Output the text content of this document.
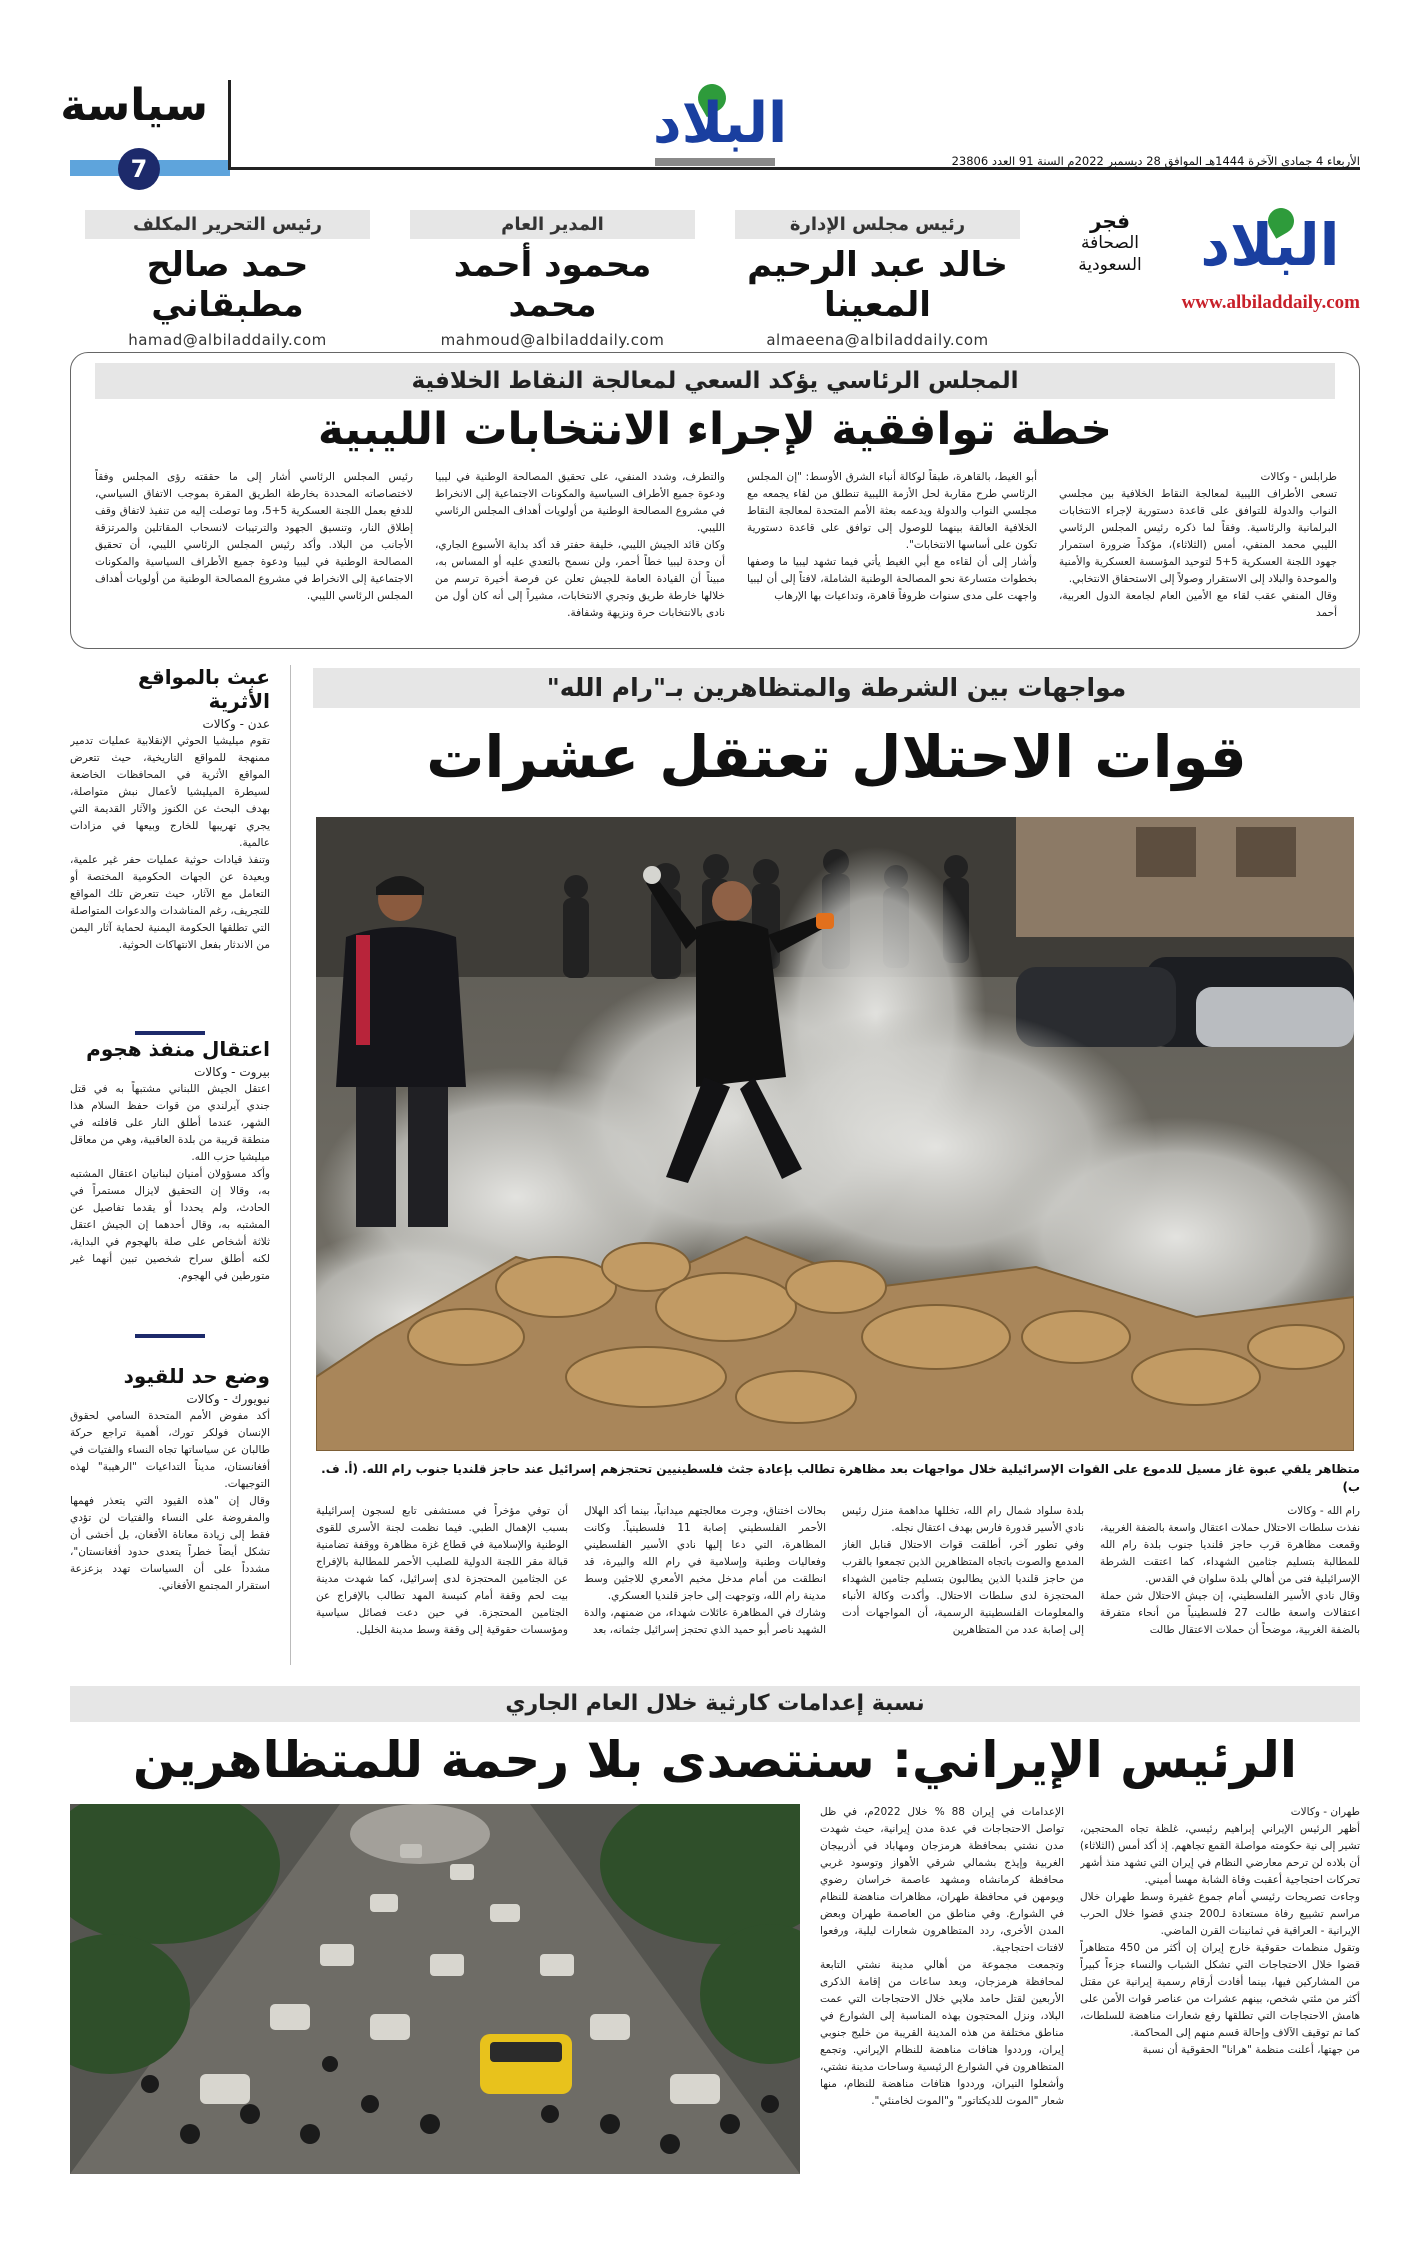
سياسة
7
البلاد
الأربعاء 4 جمادى الآخرة 1444هـ الموافق 28 ديسمبر 2022م السنة 91 العدد 23806
رئيس مجلس الإدارة
خالد عبد الرحيم المعينا
almaeena@albiladdaily.com
المدير العام
محمود أحمد محمد
mahmoud@albiladdaily.com
رئيس التحرير المكلف
حمد صالح مطبقاني
hamad@albiladdaily.com
البلاد
فجر
الصحافة
السعودية
www.albiladdaily.com
المجلس الرئاسي يؤكد السعي لمعالجة النقاط الخلافية
خطة توافقية لإجراء الانتخابات الليبية
طرابلس - وكالات
تسعى الأطراف الليبية لمعالجة النقاط الخلافية بين مجلسي النواب والدولة للتوافق على قاعدة دستورية لإجراء الانتخابات البرلمانية والرئاسية. وفقاً لما ذكره رئيس المجلس الرئاسي الليبي محمد المنفي، أمس (الثلاثاء)، مؤكداً ضرورة استمرار جهود اللجنة العسكرية 5+5 لتوحيد المؤسسة العسكرية والأمنية والموحدة والبلاد إلى الاستقرار وصولاً إلى الاستحقاق الانتخابي.
وقال المنفي عقب لقاء مع الأمين العام لجامعة الدول العربية، أحمد
أبو الغيط، بالقاهرة، طبقاً لوكالة أنباء الشرق الأوسط: "إن المجلس الرئاسي طرح مقاربة لحل الأزمة الليبية تنطلق من لقاء يجمعه مع مجلسي النواب والدولة ويدعمه بعثة الأمم المتحدة لمعالجة النقاط الخلافية العالقة بينهما للوصول إلى توافق على قاعدة دستورية تكون على أساسها الانتخابات".
وأشار إلى أن لقاءه مع أبي الغيط يأتي فيما تشهد ليبيا ما وصفها بخطوات متسارعة نحو المصالحة الوطنية الشاملة، لافتاً إلى أن ليبيا واجهت على مدى سنوات ظروفاً قاهرة، وتداعيات بها الإرهاب
والتطرف، وشدد المنفي، على تحقيق المصالحة الوطنية في ليبيا ودعوة جميع الأطراف السياسية والمكونات الاجتماعية إلى الانخراط في مشروع المصالحة الوطنية من أولويات أهداف المجلس الرئاسي الليبي.
وكان قائد الجيش الليبي، خليفة حفتر قد أكد بداية الأسبوع الجاري، أن وحدة ليبيا خطاً أحمر، ولن نسمح بالتعدي عليه أو المساس به، مبيناً أن القيادة العامة للجيش تعلن عن فرصة أخيرة ترسم من خلالها خارطة طريق وتجري الانتخابات، مشيراً إلى أنه كان أول من نادى بالانتخابات حرة ونزيهة وشفافة.
رئيس المجلس الرئاسي أشار إلى ما حققته رؤى المجلس وفقاً لاختصاصاته المحددة بخارطة الطريق المقرة بموجب الاتفاق السياسي، للدفع بعمل اللجنة العسكرية 5+5، وما توصلت إليه من تنفيذ لاتفاق وقف إطلاق النار، وتنسيق الجهود والترتيبات لانسحاب المقاتلين والمرتزقة الأجانب من البلاد. وأكد رئيس المجلس الرئاسي الليبي، أن تحقيق المصالحة الوطنية في ليبيا ودعوة جميع الأطراف السياسية والمكونات الاجتماعية إلى الانخراط في مشروع المصالحة الوطنية من أولويات أهداف المجلس الرئاسي الليبي.
عبث بالمواقع الأثرية
عدن - وكالات
تقوم ميليشيا الحوثي الإنقلابية عمليات تدمير ممنهجة للمواقع التاريخية، حيث تتعرض المواقع الأثرية في المحافظات الخاضعة لسيطرة الميليشيا لأعمال نبش متواصلة، بهدف البحث عن الكنوز والآثار القديمة التي يجري تهريبها للخارج وبيعها في مزادات عالمية.
وتنفذ قيادات حوثية عمليات حفر غير علمية، وبعيدة عن الجهات الحكومية المختصة أو التعامل مع الآثار، حيث تتعرض تلك المواقع للتجريف، رغم المناشدات والدعوات المتواصلة التي تطلقها الحكومة اليمنية لحماية آثار اليمن من الاندثار بفعل الانتهاكات الحوثية.
اعتقال منفذ هجوم
بيروت - وكالات
اعتقل الجيش اللبناني مشتبهاً به في قتل جندي آيرلندي من قوات حفظ السلام هذا الشهر، عندما أطلق النار على قافلته في منطقة قريبة من بلدة العاقبية، وهي من معاقل ميليشيا حزب الله.
وأكد مسؤولان أمنيان لبنانيان اعتقال المشتبه به، وقالا إن التحقيق لايزال مستمراً في الحادث، ولم يحددا أو يقدما تفاصيل عن المشتبه به، وقال أحدهما إن الجيش اعتقل ثلاثة أشخاص على صلة بالهجوم في البداية، لكنه أطلق سراح شخصين تبين أنهما غير متورطين في الهجوم.
وضع حد للقيود
نيويورك - وكالات
أكد مفوض الأمم المتحدة السامي لحقوق الإنسان فولكر تورك، أهمية تراجع حركة طالبان عن سياساتها تجاه النساء والفتيات في أفغانستان، مديناً التداعيات "الرهيبة" لهذه التوجيهات.
وقال إن "هذه القيود التي يتعذر فهمها والمفروضة على النساء والفتيات لن تؤدي فقط إلى زيادة معاناة الأفغان، بل أخشى أن تشكل أيضاً خطراً يتعدى حدود أفغانستان"، مشدداً على أن السياسات تهدد بزعزعة استقرار المجتمع الأفغاني.
مواجهات بين الشرطة والمتظاهرين بـ"رام الله"
قوات الاحتلال تعتقل عشرات
متظاهر يلقي عبوة غاز مسيل للدموع على القوات الإسرائيلية خلال مواجهات بعد مظاهرة تطالب بإعادة جثث فلسطينيين تحتجزهم إسرائيل عند حاجز قلنديا جنوب رام الله. (أ. ف. ب)
رام الله - وكالات
نفذت سلطات الاحتلال حملات اعتقال واسعة بالضفة الغربية، وقمعت مظاهرة قرب حاجز قلنديا جنوب بلدة رام الله للمطالبة بتسليم جثامين الشهداء، كما اعتقت الشرطة الإسرائيلية فتى من أهالي بلدة سلوان في القدس.
وقال نادي الأسير الفلسطيني، إن جيش الاحتلال شن حملة اعتقالات واسعة طالت 27 فلسطينياً من أنحاء متفرقة بالضفة الغربية، موضحاً أن حملات الاعتقال طالت
بلدة سلواد شمال رام الله، تخللها مداهمة منزل رئيس نادي الأسير قدورة فارس بهدف اعتقال نجله.
وفي تطور آخر، أطلقت قوات الاحتلال قنابل الغاز المدمع والصوت باتجاه المتظاهرين الذين تجمعوا بالقرب من حاجز قلنديا الذين يطالبون بتسليم جثامين الشهداء المحتجزة لدى سلطات الاحتلال. وأكدت وكالة الأنباء والمعلومات الفلسطينية الرسمية، أن المواجهات أدت إلى إصابة عدد من المتظاهرين
بحالات اختناق، وجرت معالجتهم ميدانياً، بينما أكد الهلال الأحمر الفلسطيني إصابة 11 فلسطينياً. وكانت المظاهرة، التي دعا إليها نادي الأسير الفلسطيني وفعاليات وطنية وإسلامية في رام الله والبيرة، قد انطلقت من أمام مدخل مخيم الأمعري للاجئين وسط مدينة رام الله، وتوجهت إلى حاجز قلنديا العسكري.
وشارك في المظاهرة عائلات شهداء، من ضمنهم، والدة الشهيد ناصر أبو حميد الذي تحتجز إسرائيل جثمانه، بعد
أن توفي مؤخراً في مستشفى تابع لسجون إسرائيلية بسبب الإهمال الطبي. فيما نظمت لجنة الأسرى للقوى الوطنية والإسلامية في قطاع غزة مظاهرة ووقفة تضامنية قبالة مقر اللجنة الدولية للصليب الأحمر للمطالبة بالإفراج عن الجثامين المحتجزة لدى إسرائيل، كما شهدت مدينة بيت لحم وقفة أمام كنيسة المهد تطالب بالإفراج عن الجثامين المحتجزة. في حين دعت فصائل سياسية ومؤسسات حقوقية إلى وقفة وسط مدينة الخليل.
نسبة إعدامات كارثية خلال العام الجاري
الرئيس الإيراني: سنتصدى بلا رحمة للمتظاهرين
طهران - وكالات
أظهر الرئيس الإيراني إبراهيم رئيسي، غلظة تجاه المحتجين، تشير إلى نية حكومته مواصلة القمع تجاههم. إذ أكد أمس (الثلاثاء) أن بلاده لن ترحم معارضي النظام في إيران التي تشهد منذ أشهر تحركات احتجاجية أعقبت وفاة الشابة مهسا أميني.
وجاءت تصريحات رئيسي أمام جموع غفيرة وسط طهران خلال مراسم تشييع رفاة مستعادة لـ200 جندي قضوا خلال الحرب الإيرانية - العراقية في ثمانينات القرن الماضي.
وتقول منظمات حقوقية خارج إيران إن أكثر من 450 متظاهراً قضوا خلال الاحتجاجات التي تشكل الشباب والنساء جزءاً كبيراً من المشاركين فيها، بينما أفادت أرقام رسمية إيرانية عن مقتل أكثر من مئتي شخص، بينهم عشرات من عناصر قوات الأمن على هامش الاحتجاجات التي تطلقها رفع شعارات مناهضة للسلطات، كما تم توقيف الآلاف وإحالة قسم منهم إلى المحاكمة.
من جهتها، أعلنت منظمة "هرانا" الحقوقية أن نسبة
الإعدامات في إيران 88 % خلال 2022م، في ظل تواصل الاحتجاجات في عدة مدن إيرانية، حيث شهدت مدن نشتي بمحافظة هرمزجان ومهاباد في أذربيجان الغربية وإيذج بشمالي شرقي الأهواز وتوسود غربي محافظة كرمانشاه ومشهد عاصمة خراسان رضوي ويومهن في محافظة طهران، مظاهرات مناهضة للنظام في الشوارع. وفي مناطق من العاصمة طهران وبعض المدن الأخرى، ردد المتظاهرون شعارات ليلية، ورفعوا لافتات احتجاجية.
وتجمعت مجموعة من أهالي مدينة نشتي التابعة لمحافظة هرمزجان، وبعد ساعات من إقامة الذكرى الأربعين لقتل حامد ملايي خلال الاحتجاجات التي عمت البلاد، ونزل المحتجون بهذه المناسبة إلى الشوارع في مناطق مختلفة من هذه المدينة القريبة من خليج جنوبي إيران، ورددوا هتافات مناهضة للنظام الإيراني. وتجمع المتظاهرون في الشوارع الرئيسية وساحات مدينة نشتي، وأشعلوا النيران، ورددوا هتافات مناهضة للنظام، منها شعار "الموت للديكتاتور" و"الموت لخامنئي".
